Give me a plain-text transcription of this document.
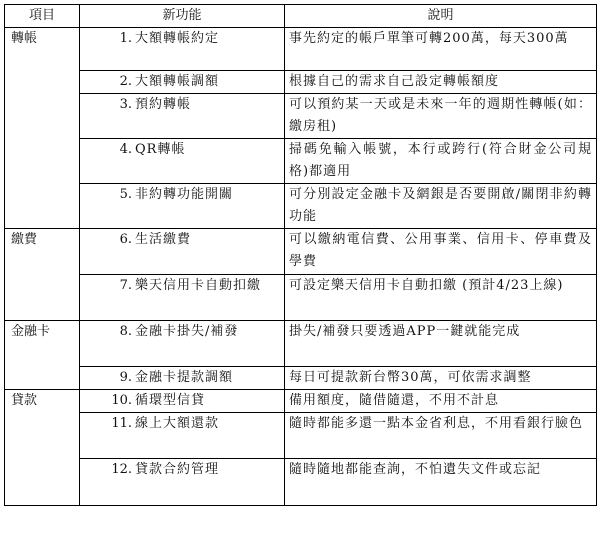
項目	新功能	說明
轉帳	1. 大額轉帳約定	事先約定的帳戶單筆可轉200萬，每天300萬

	2. 大額轉帳調額	根據自己的需求自己設定轉帳額度

	3. 預約轉帳	可以預約某一天或是未來一年的週期性轉帳(如：繳房租)

	4. QR轉帳	掃碼免輸入帳號，本行或跨行(符合財金公司規格)都適用

	5. 非約轉功能開關	可分別設定金融卡及網銀是否要開啟/關閉非約轉功能
繳費	6. 生活繳費	可以繳納電信費、公用事業、信用卡、停車費及學費

	7. 樂天信用卡自動扣繳	可設定樂天信用卡自動扣繳 (預計4/23上線)
金融卡	8. 金融卡掛失/補發	掛失/補發只要透過APP一鍵就能完成

	9. 金融卡提款調額	每日可提款新台幣30萬，可依需求調整
貸款	10. 循環型信貸	備用額度，隨借隨還，不用不計息

	11. 線上大額還款	隨時都能多還一點本金省利息，不用看銀行臉色

	12. 貸款合約管理	隨時隨地都能查詢，不怕遺失文件或忘記
